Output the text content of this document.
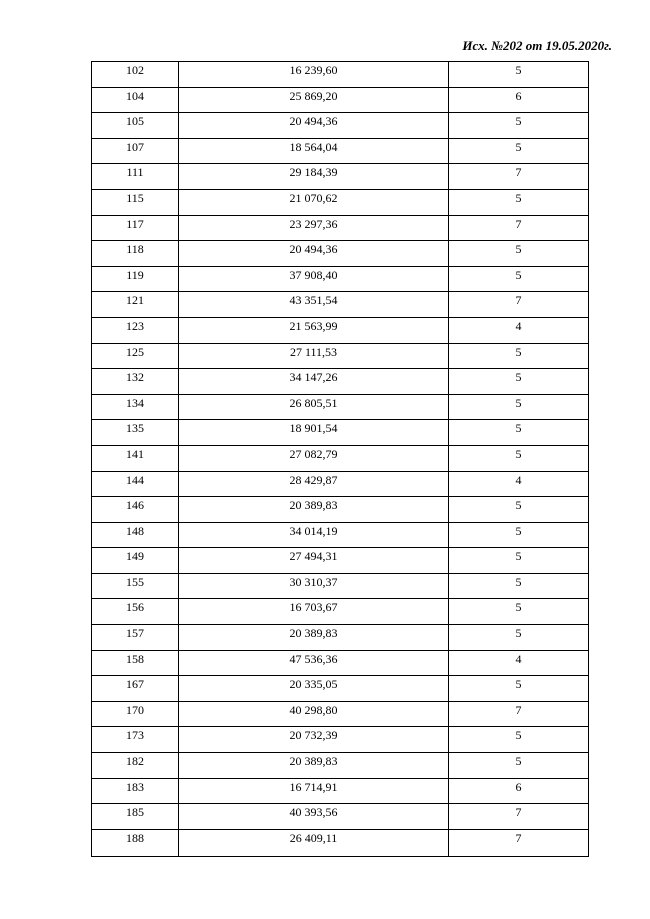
Исх. №202 от 19.05.2020г.
102	16 239,60	5

104	25 869,20	6

105	20 494,36	5

107	18 564,04	5

111	29 184,39	7

115	21 070,62	5

117	23 297,36	7

118	20 494,36	5

119	37 908,40	5

121	43 351,54	7

123	21 563,99	4

125	27 111,53	5

132	34 147,26	5

134	26 805,51	5

135	18 901,54	5

141	27 082,79	5

144	28 429,87	4

146	20 389,83	5

148	34 014,19	5

149	27 494,31	5

155	30 310,37	5

156	16 703,67	5

157	20 389,83	5

158	47 536,36	4

167	20 335,05	5

170	40 298,80	7

173	20 732,39	5

182	20 389,83	5

183	16 714,91	6

185	40 393,56	7

188	26 409,11	7
